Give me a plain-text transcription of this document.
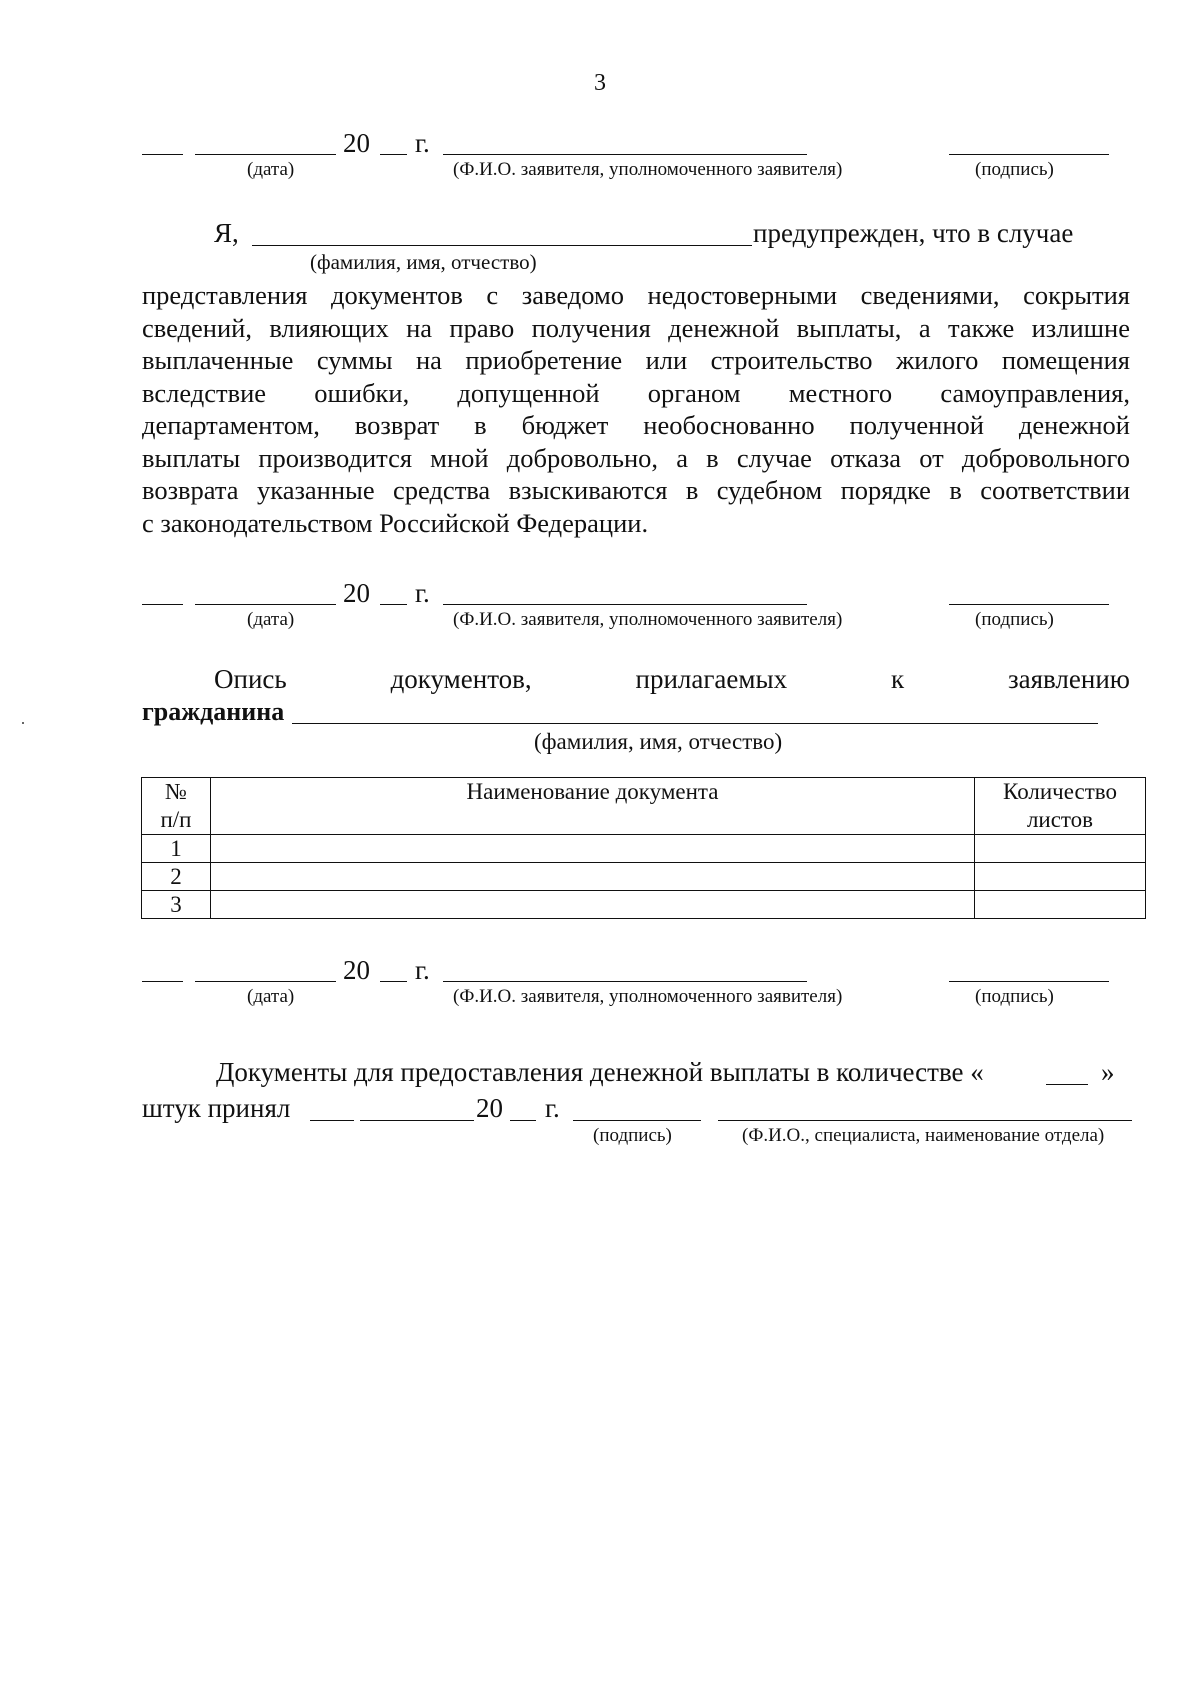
3
20 г.
(дата)	(Ф.И.О. заявителя, уполномоченного заявителя)	(подпись)
Я,	предупрежден, что в случае
(фамилия, имя, отчество)
представления документов с заведомо недостоверными сведениями, сокрытия
сведений, влияющих на право получения денежной выплаты, а также излишне
выплаченные суммы на приобретение или строительство жилого помещения
вследствие ошибки, допущенной органом местного самоуправления,
департаментом, возврат в бюджет необоснованно полученной денежной
выплаты производится мной добровольно, а в случае отказа от добровольного
возврата указанные средства взыскиваются в судебном порядке в соответствии
с законодательством Российской Федерации.
20 г.
(дата)	(Ф.И.О. заявителя, уполномоченного заявителя)	(подпись)
Опись	документов,	прилагаемых	к	заявлению
гражданина
(фамилия, имя, отчество)
№
п/п	Наименование документа	Количество
листов
1		
2		
3		
20 г.
(дата)	(Ф.И.О. заявителя, уполномоченного заявителя)	(подпись)
Документы для предоставления денежной выплаты в количестве «	»
штук принял	20 г.
(подпись)	(Ф.И.О., специалиста, наименование отдела)
